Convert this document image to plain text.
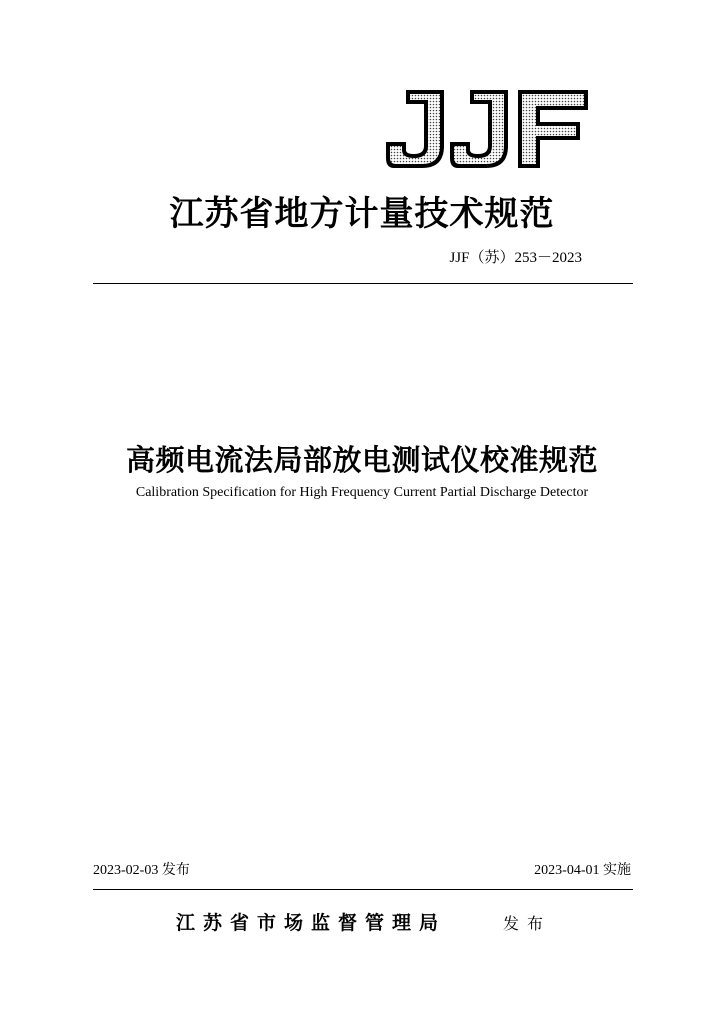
江苏省地方计量技术规范
JJF（苏）253－2023
高频电流法局部放电测试仪校准规范
Calibration Specification for High Frequency Current Partial Discharge Detector
2023-02-03 发布	2023-04-01 实施
江苏省市场监督管理局	发布
